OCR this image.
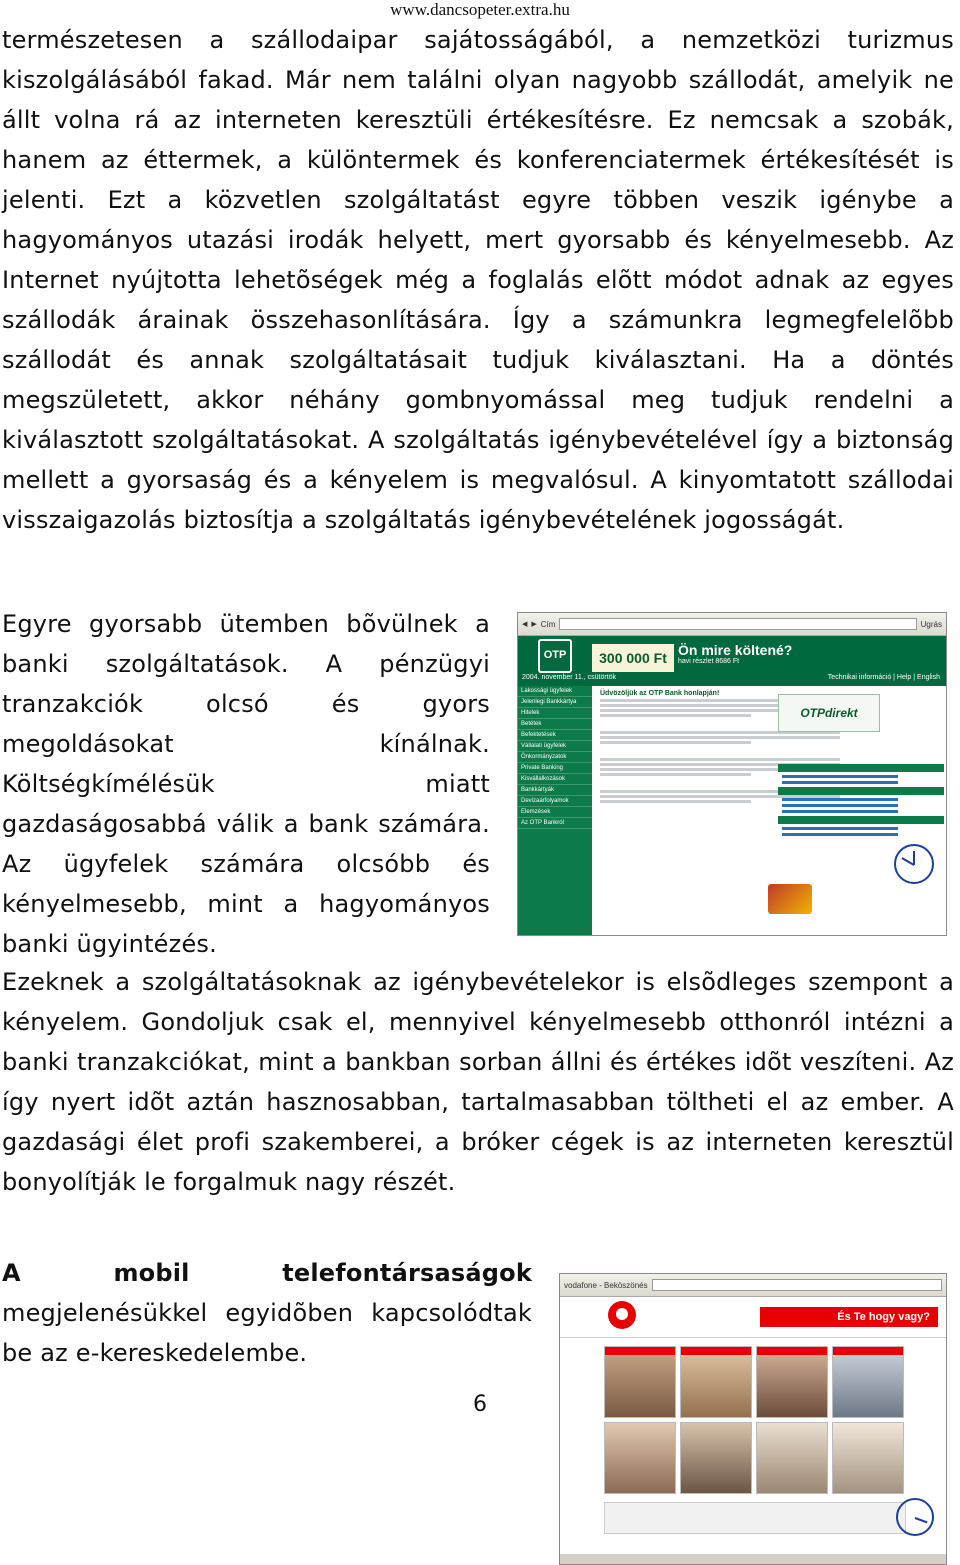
www.dancsopeter.extra.hu
természetesen a szállodaipar sajátosságából, a nemzetközi turizmus kiszolgálásából fakad. Már nem találni olyan nagyobb szállodát, amelyik ne állt volna rá az interneten keresztüli értékesítésre. Ez nemcsak a szobák, hanem az éttermek, a különtermek és konferenciatermek értékesítését is jelenti. Ezt a közvetlen szolgáltatást egyre többen veszik igénybe a hagyományos utazási irodák helyett, mert gyorsabb és kényelmesebb. Az Internet nyújtotta lehetõségek még a foglalás elõtt módot adnak az egyes szállodák árainak összehasonlítására. Így a számunkra legmegfelelõbb szállodát és annak szolgáltatásait tudjuk kiválasztani. Ha a döntés megszületett, akkor néhány gombnyomással meg tudjuk rendelni a kiválasztott szolgáltatásokat. A szolgáltatás igénybevételével így a biztonság mellett a gyorsaság és a kényelem is megvalósul. A kinyomtatott szállodai visszaigazolás biztosítja a szolgáltatás igénybevételének jogosságát.
Egyre gyorsabb ütemben bõvülnek a banki szolgáltatások. A pénzügyi tranzakciók olcsó és gyors megoldásokat kínálnak. Költségkímélésük miatt gazdaságosabbá válik a bank számára. Az ügyfelek számára olcsóbb és kényelmesebb, mint a hagyományos banki ügyintézés.
Ezeknek a szolgáltatásoknak az igénybevételekor is elsõdleges szempont a kényelem. Gondoljuk csak el, mennyivel kényelmesebb otthonról intézni a banki tranzakciókat, mint a bankban sorban állni és értékes idõt veszíteni. Az így nyert idõt aztán hasznosabban, tartalmasabban töltheti el az ember. A gazdasági élet profi szakemberei, a bróker cégek is az interneten keresztül bonyolítják le forgalmuk nagy részét.
A mobil telefontársaságok megjelenésükkel egyidõben kapcsolódtak be az e-kereskedelembe.
6
◀ ▶ Cím	Ugrás
OTP
2004. november 11., csütörtök
300 000 Ft Ön mire költené?
havi részlet 8686 Ft
Technikai információ | Help | English
Lakossági ügyfelek
Jelenlegi Bankkártya
Hitelek
Betétek
Befektetések
Vállalati ügyfelek
Önkormányzatok
Private Banking
Kisvállalkozások
Bankkártyák
Devizaárfolyamok
Elemzések
Az OTP Bankról
Üdvözöljük az OTP Bank honlapján!
OTPdirekt
vodafone - Beköszönés
És Te hogy vagy?
